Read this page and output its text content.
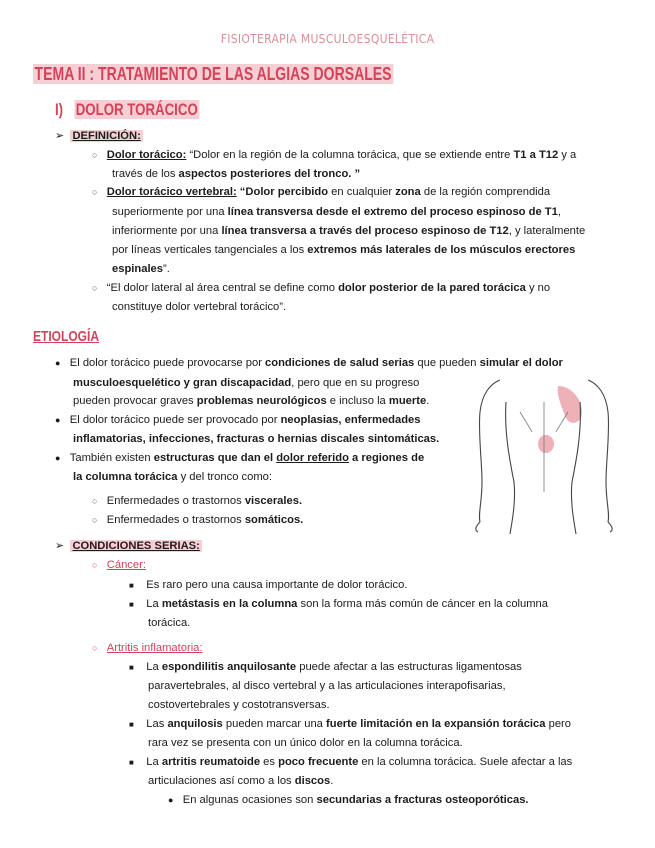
FISIOTERAPIA MUSCULOESQUELÉTICA
TEMA II : TRATAMIENTO DE LAS ALGIAS DORSALES
I) DOLOR TORÁCICO
➢ DEFINICIÓN:
○ Dolor torácico: “Dolor en la región de la columna torácica, que se extiende entre T1 a T12 y a
través de los aspectos posteriores del tronco. ”
○ Dolor torácico vertebral: “Dolor percibido en cualquier zona de la región comprendida
superiormente por una línea transversa desde el extremo del proceso espinoso de T1,
inferiormente por una línea transversa a través del proceso espinoso de T12, y lateralmente
por líneas verticales tangenciales a los extremos más laterales de los músculos erectores
espinales”.
○ “El dolor lateral al área central se define como dolor posterior de la pared torácica y no
constituye dolor vertebral torácico”.
ETIOLOGÍA
● El dolor torácico puede provocarse por condiciones de salud serias que pueden simular el dolor
musculoesquelético y gran discapacidad, pero que en su progreso
pueden provocar graves problemas neurológicos e incluso la muerte.
● El dolor torácico puede ser provocado por neoplasias, enfermedades
inflamatorias, infecciones, fracturas o hernias discales sintomáticas.
● También existen estructuras que dan el dolor referido a regiones de
la columna torácica y del tronco como:
○ Enfermedades o trastornos viscerales.
○ Enfermedades o trastornos somáticos.
➢ CONDICIONES SERIAS:
○ Cáncer:
■ Es raro pero una causa importante de dolor torácico.
■ La metástasis en la columna son la forma más común de cáncer en la columna
torácica.
○ Artritis inflamatoria:
■ La espondilitis anquilosante puede afectar a las estructuras ligamentosas
paravertebrales, al disco vertebral y a las articulaciones interapofisarias,
costovertebrales y costotransversas.
■ Las anquilosis pueden marcar una fuerte limitación en la expansión torácica pero
rara vez se presenta con un único dolor en la columna torácica.
■ La artritis reumatoide es poco frecuente en la columna torácica. Suele afectar a las
articulaciones así como a los discos.
● En algunas ocasiones son secundarias a fracturas osteoporóticas.
